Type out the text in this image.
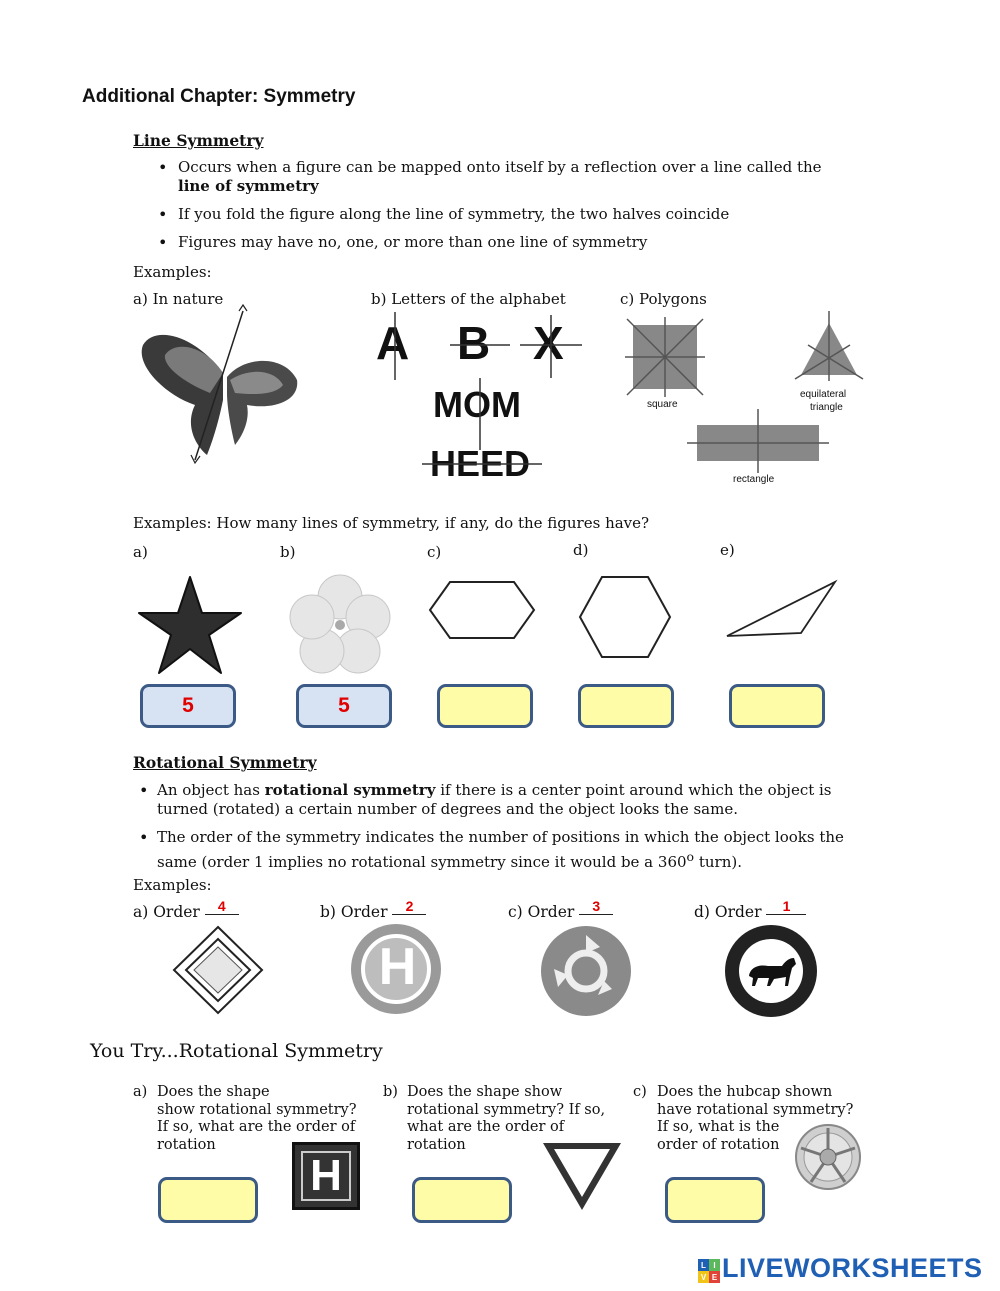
Additional Chapter: Symmetry
Line Symmetry
• Occurs when a figure can be mapped onto itself by a reflection over a line called the
line of symmetry
• If you fold the figure along the line of symmetry, the two halves coincide
• Figures may have no, one, or more than one line of symmetry
Examples:
a) In nature	b) Letters of the alphabet	c) Polygons
A B X
MOM
HEED
square
equilateral
triangle
rectangle
Examples: How many lines of symmetry, if any, do the figures have?
a)	b)	c)	d)	e)
5	5
Rotational Symmetry
• An object has rotational symmetry if there is a center point around which the object is turned (rotated) a certain number of degrees and the object looks the same.
• The order of the symmetry indicates the number of positions in which the object looks the same (order 1 implies no rotational symmetry since it would be a 360$^o$ turn).
Examples:
a) Order 4	b) Order 2	c) Order 3	d) Order 1
H
You Try...Rotational Symmetry
a) Does the shape
show rotational symmetry?
If so, what are the order of
rotation
b) Does the shape show
rotational symmetry? If so,
what are the order of
rotation
c) Does the hubcap shown
have rotational symmetry?
If so, what is the
order of rotation
H
L I
V E LIVEWORKSHEETS
